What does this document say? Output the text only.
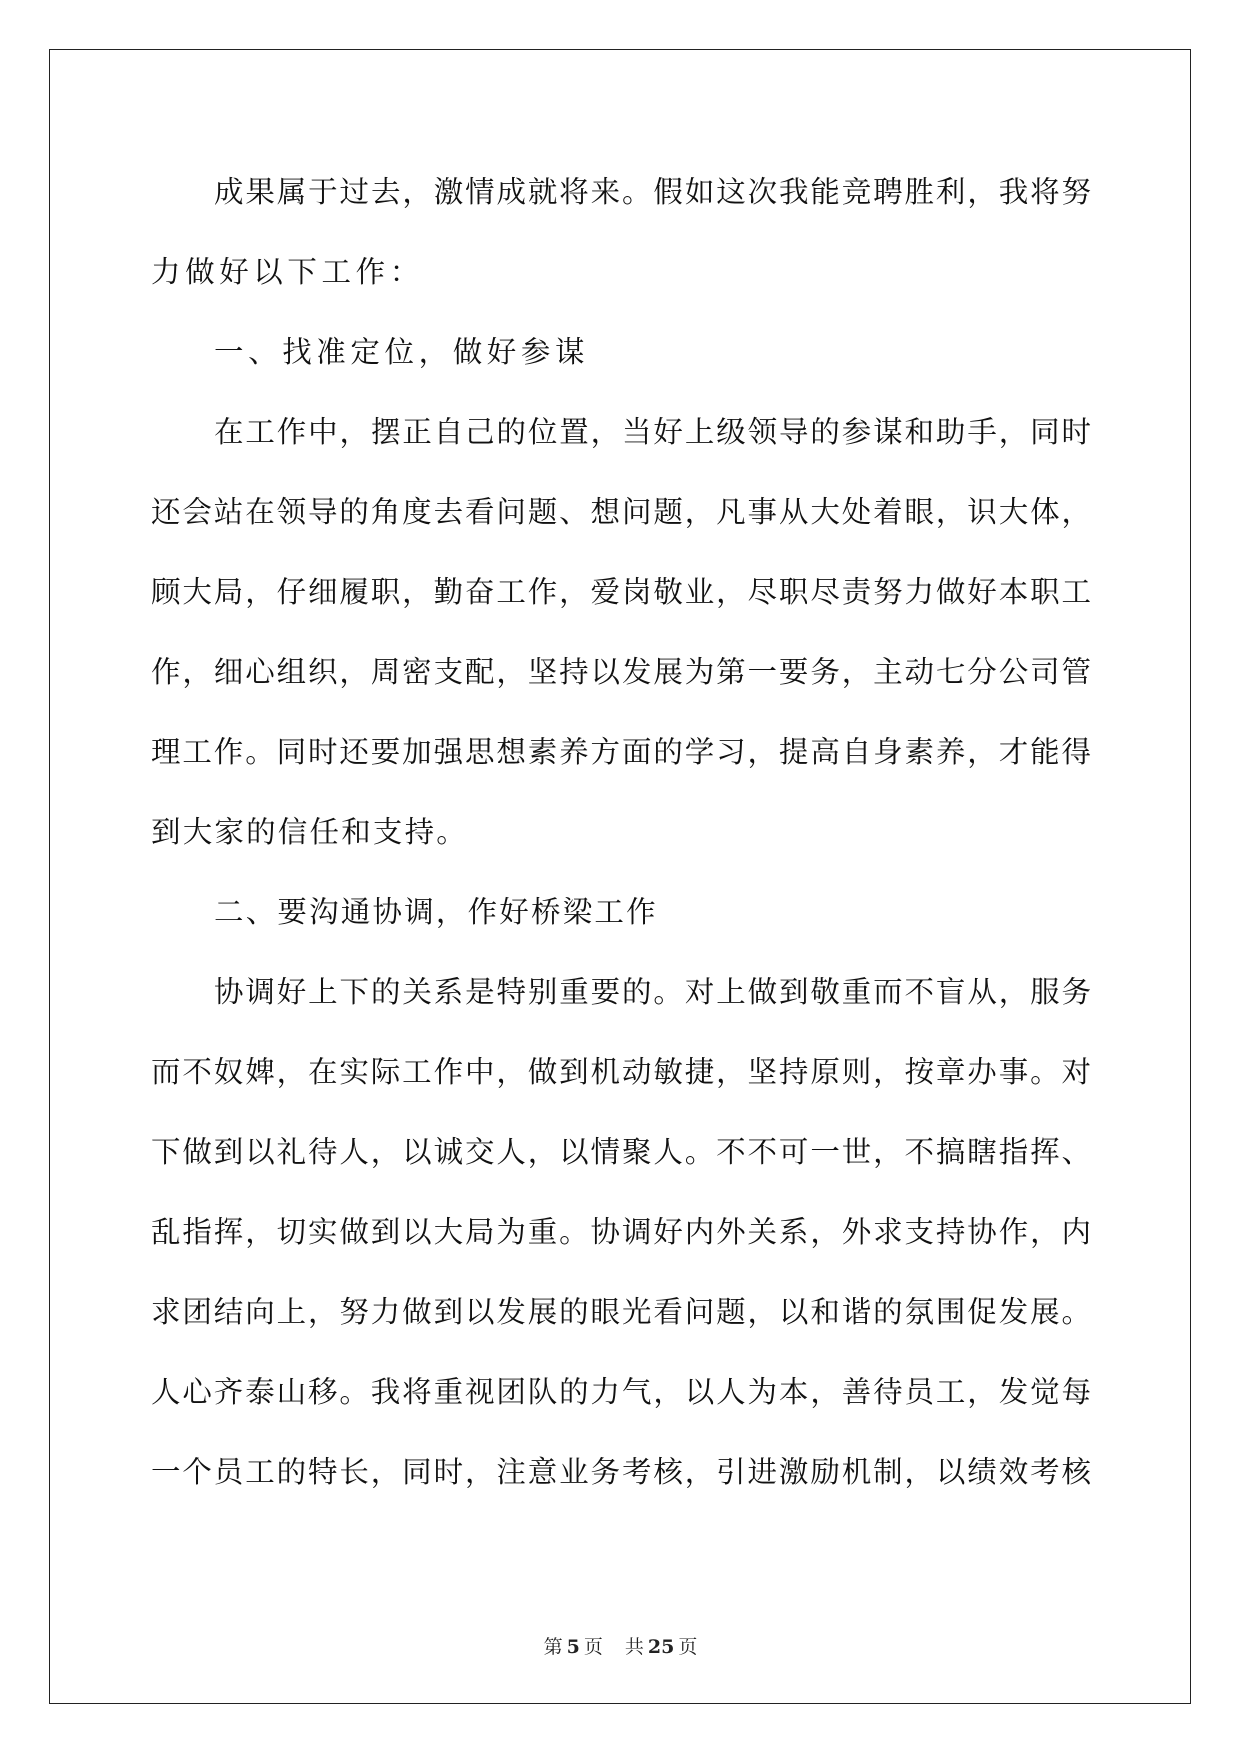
成果属于过去，激情成就将来。假如这次我能竞聘胜利，我将努
力做好以下工作：
一、找准定位，做好参谋
在工作中，摆正自己的位置，当好上级领导的参谋和助手，同时
还会站在领导的角度去看问题、想问题，凡事从大处着眼，识大体，
顾大局，仔细履职，勤奋工作，爱岗敬业，尽职尽责努力做好本职工
作，细心组织，周密支配，坚持以发展为第一要务，主动七分公司管
理工作。同时还要加强思想素养方面的学习，提高自身素养，才能得
到大家的信任和支持。
二、要沟通协调，作好桥梁工作
协调好上下的关系是特别重要的。对上做到敬重而不盲从，服务
而不奴婢，在实际工作中，做到机动敏捷，坚持原则，按章办事。对
下做到以礼待人，以诚交人，以情聚人。不不可一世，不搞瞎指挥、
乱指挥，切实做到以大局为重。协调好内外关系，外求支持协作，内
求团结向上，努力做到以发展的眼光看问题，以和谐的氛围促发展。
人心齐泰山移。我将重视团队的力气，以人为本，善待员工，发觉每
一个员工的特长，同时，注意业务考核，引进激励机制，以绩效考核
第 5 页 共 25 页
